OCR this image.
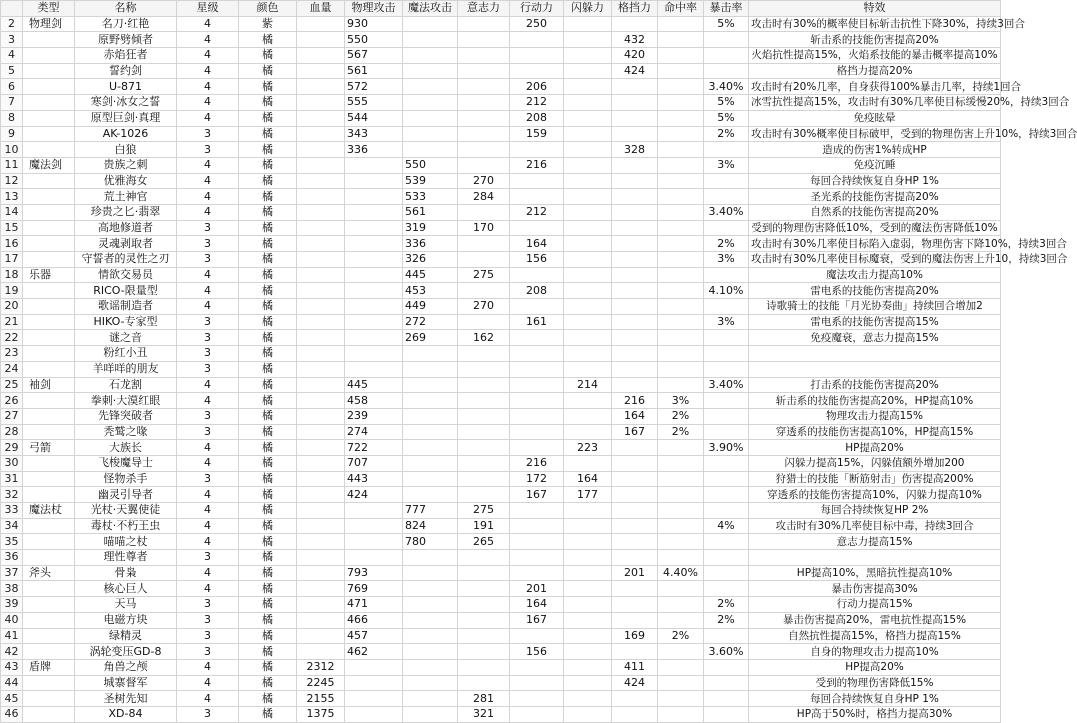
	类型	名称	星级	颜色	血量	物理攻击	魔法攻击	意志力	行动力	闪躲力	格挡力	命中率	暴击率	特效
2	物理剑	名刀·红艳	4	紫		930			250				5%	攻击时有30%的概率使目标斩击抗性下降30%，持续3回合
3		原野劈倾者	4	橘		550					432			斩击系的技能伤害提高20%
4		赤焰狂者	4	橘		567					420			火焰抗性提高15%，火焰系技能的暴击概率提高10%
5		誓约剑	4	橘		561					424			格挡力提高20%
6		U-871	4	橘		572			206				3.40%	攻击时有20%几率，自身获得100%暴击几率，持续1回合
7		寒剑·冰女之誓	4	橘		555			212				5%	冰雪抗性提高15%，攻击时有30%几率使目标缓慢20%，持续3回合
8		原型巨剑·真理	4	橘		544			208				5%	免疫眩晕
9		AK-1026	3	橘		343			159				2%	攻击时有30%概率使目标破甲，受到的物理伤害上升10%，持续3回合
10		白狼	3	橘		336					328			造成的伤害1%转成HP
11	魔法剑	贵族之刺	4	橘			550		216				3%	免疫沉睡
12		优雅海女	4	橘			539	270						每回合持续恢复自身HP 1%
13		荒土神官	4	橘			533	284						圣光系的技能伤害提高20%
14		珍贵之匕·翡翠	4	橘			561		212				3.40%	自然系的技能伤害提高20%
15		高地修道者	3	橘			319	170						受到的物理伤害降低10%，受到的魔法伤害降低10%
16		灵魂剥取者	3	橘			336		164				2%	攻击时有30%几率使目标陷入虚弱，物理伤害下降10%，持续3回合
17		守誓者的灵性之刃	3	橘			326		156				3%	攻击时有30%几率使目标魔衰，受到的魔法伤害上升10，持续3回合
18	乐器	情欲交易员	4	橘			445	275						魔法攻击力提高10%
19		RICO-限量型	4	橘			453		208				4.10%	雷电系的技能伤害提高20%
20		歌谣制造者	4	橘			449	270						诗歌骑士的技能「月光协奏曲」持续回合增加2
21		HIKO-专家型	3	橘			272		161				3%	雷电系的技能伤害提高15%
22		谜之音	3	橘			269	162						免疫魔衰，意志力提高15%
23		粉红小丑	3	橘										
24		羊咩咩的朋友	3	橘										
25	袖剑	石龙割	4	橘		445				214			3.40%	打击系的技能伤害提高20%
26		拳刺·大漠红眼	4	橘		458					216	3%		斩击系的技能伤害提高20%，HP提高10%
27		先锋突破者	3	橘		239					164	2%		物理攻击力提高15%
28		秃鹫之喙	3	橘		274					167	2%		穿透系的技能伤害提高10%，HP提高15%
29	弓箭	大族长	4	橘		722				223			3.90%	HP提高20%
30		飞梭魔导士	4	橘		707			216					闪躲力提高15%，闪躲值额外增加200
31		怪物杀手	3	橘		443			172	164				狩猎士的技能「断筋射击」伤害提高200%
32		幽灵引导者	4	橘		424			167	177				穿透系的技能伤害提高10%，闪躲力提高10%
33	魔法杖	光杖·天翼使徒	4	橘			777	275						每回合持续恢复HP 2%
34		毒杖·不朽王虫	4	橘			824	191					4%	攻击时有30%几率使目标中毒，持续3回合
35		喵喵之杖	4	橘			780	265						意志力提高15%
36		理性尊者	3	橘										
37	斧头	骨枭	4	橘		793					201	4.40%		HP提高10%，黑暗抗性提高10%
38		核心巨人	4	橘		769			201					暴击伤害提高30%
39		天马	3	橘		471			164				2%	行动力提高15%
40		电磁方块	3	橘		466			167				2%	暴击伤害提高20%，雷电抗性提高15%
41		绿精灵	3	橘		457					169	2%		自然抗性提高15%，格挡力提高15%
42		涡轮变压GD-8	3	橘		462			156				3.60%	自身的物理攻击力提高10%
43	盾牌	角兽之颅	4	橘	2312						411			HP提高20%
44		城寨督军	4	橘	2245						424			受到的物理伤害降低15%
45		圣树先知	4	橘	2155			281						每回合持续恢复自身HP 1%
46		XD-84	3	橘	1375			321						HP高于50%时，格挡力提高30%
